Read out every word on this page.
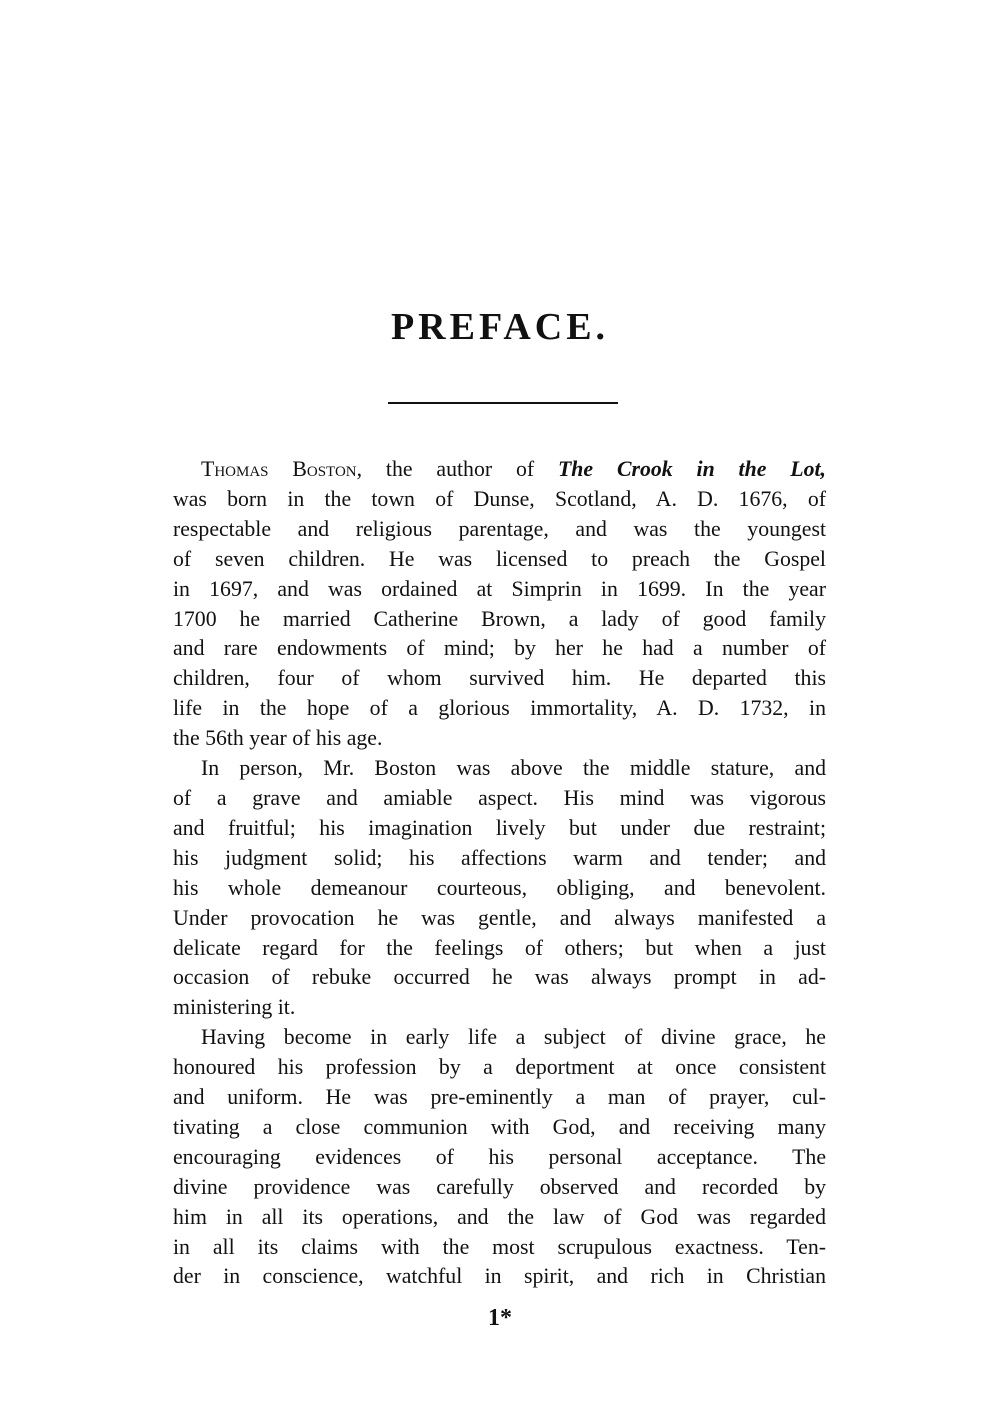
PREFACE.
Thomas Boston, the author of The Crook in the Lot,
was born in the town of Dunse, Scotland, A. D. 1676, of
respectable and religious parentage, and was the youngest
of seven children. He was licensed to preach the Gospel
in 1697, and was ordained at Simprin in 1699. In the year
1700 he married Catherine Brown, a lady of good family
and rare endowments of mind; by her he had a number of
children, four of whom survived him. He departed this
life in the hope of a glorious immortality, A. D. 1732, in
the 56th year of his age.
In person, Mr. Boston was above the middle stature, and
of a grave and amiable aspect. His mind was vigorous
and fruitful; his imagination lively but under due restraint;
his judgment solid; his affections warm and tender; and
his whole demeanour courteous, obliging, and benevolent.
Under provocation he was gentle, and always manifested a
delicate regard for the feelings of others; but when a just
occasion of rebuke occurred he was always prompt in ad-
ministering it.
Having become in early life a subject of divine grace, he
honoured his profession by a deportment at once consistent
and uniform. He was pre-eminently a man of prayer, cul-
tivating a close communion with God, and receiving many
encouraging evidences of his personal acceptance. The
divine providence was carefully observed and recorded by
him in all its operations, and the law of God was regarded
in all its claims with the most scrupulous exactness. Ten-
der in conscience, watchful in spirit, and rich in Christian
1*
